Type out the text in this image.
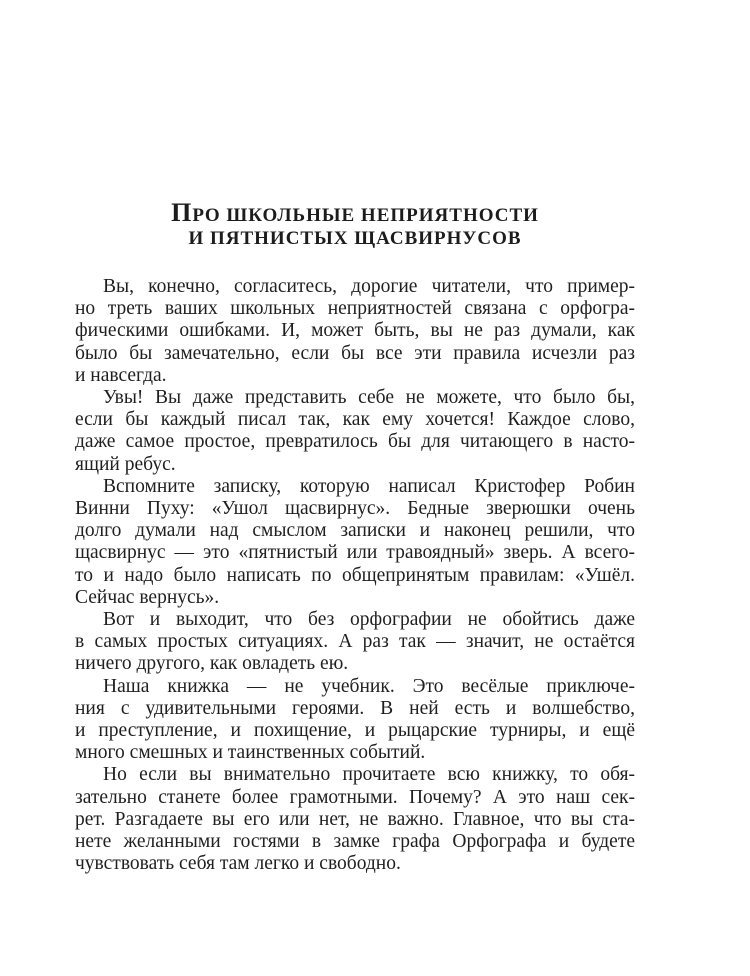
ПРО ШКОЛЬНЫЕ НЕПРИЯТНОСТИ
И ПЯТНИСТЫХ ЩАСВИРНУСОВ
Вы, конечно, согласитесь, дорогие читатели, что пример-
но треть ваших школьных неприятностей связана с орфогра-
фическими ошибками. И, может быть, вы не раз думали, как
было бы замечательно, если бы все эти правила исчезли раз
и навсегда.
Увы! Вы даже представить себе не можете, что было бы,
если бы каждый писал так, как ему хочется! Каждое слово,
даже самое простое, превратилось бы для читающего в насто-
ящий ребус.
Вспомните записку, которую написал Кристофер Робин
Винни Пуху: «Ушол щасвирнус». Бедные зверюшки очень
долго думали над смыслом записки и наконец решили, что
щасвирнус — это «пятнистый или травоядный» зверь. А всего-
то и надо было написать по общепринятым правилам: «Ушёл.
Сейчас вернусь».
Вот и выходит, что без орфографии не обойтись даже
в самых простых ситуациях. А раз так — значит, не остаётся
ничего другого, как овладеть ею.
Наша книжка — не учебник. Это весёлые приключе-
ния с удивительными героями. В ней есть и волшебство,
и преступление, и похищение, и рыцарские турниры, и ещё
много смешных и таинственных событий.
Но если вы внимательно прочитаете всю книжку, то обя-
зательно станете более грамотными. Почему? А это наш сек-
рет. Разгадаете вы его или нет, не важно. Главное, что вы ста-
нете желанными гостями в замке графа Орфографа и будете
чувствовать себя там легко и свободно.
